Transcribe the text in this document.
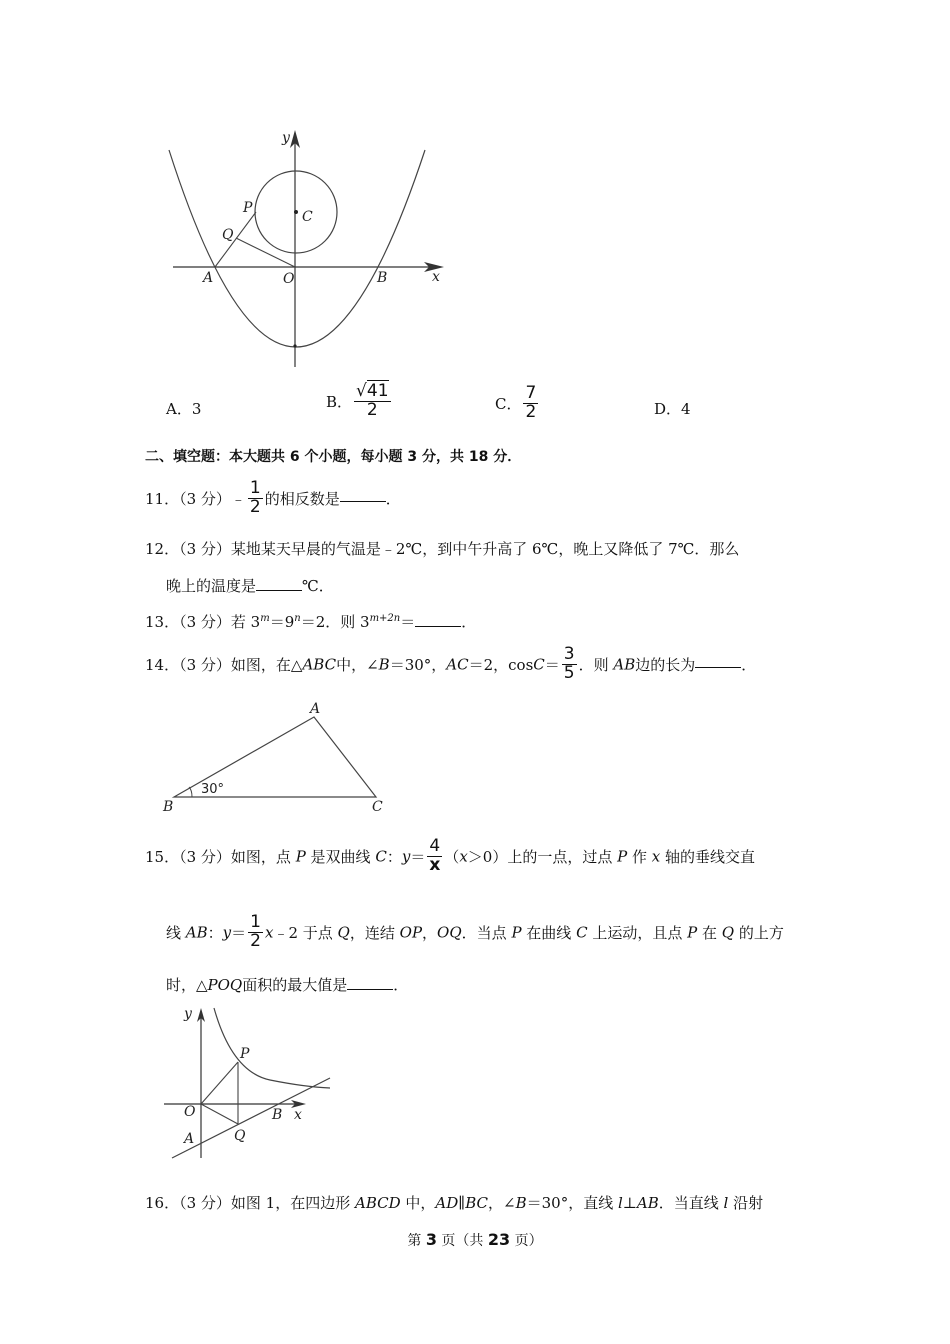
y
P
C
Q
A	O	B	x
A．3	B． $\frac{√41}{2}$	C． $\frac{7}{2}$	D．4
二、填空题：本大题共 6 个小题，每小题 3 分，共 18 分．
11．（3 分）﹣ $\frac{1}{2}$ 的相反数是	．
12．（3 分）某地某天早晨的气温是﹣2℃，到中午升高了 6℃，晚上又降低了 7℃．那么
晚上的温度是	℃．
13．（3 分）若 $3^m=9^n=2$．则 $3^{m+2n}=$	．
14．（3 分）如图，在△ABC中，∠B＝30°，AC＝2，$\cos C= \frac{3}{5}$ ．则 AB边的长为	．
A
B	C
30°
15．（3 分）如图，点 P 是双曲线 C：$y= \frac{4}{x} (x>0)$上的一点，过点 P 作 x 轴的垂线交直
线 AB：$y= \frac{1}{2}$ x﹣2 于点 Q，连结 OP，OQ．当点 P 在曲线 C 上运动，且点 P 在 Q 的上方
时，△POQ面积的最大值是	．
y
P
O	B x
A	Q
16．（3 分）如图 1，在四边形 ABCD 中，AD∥BC，∠B＝30°，直线 l⊥AB．当直线 l 沿射
第 3 页（共 23 页）
